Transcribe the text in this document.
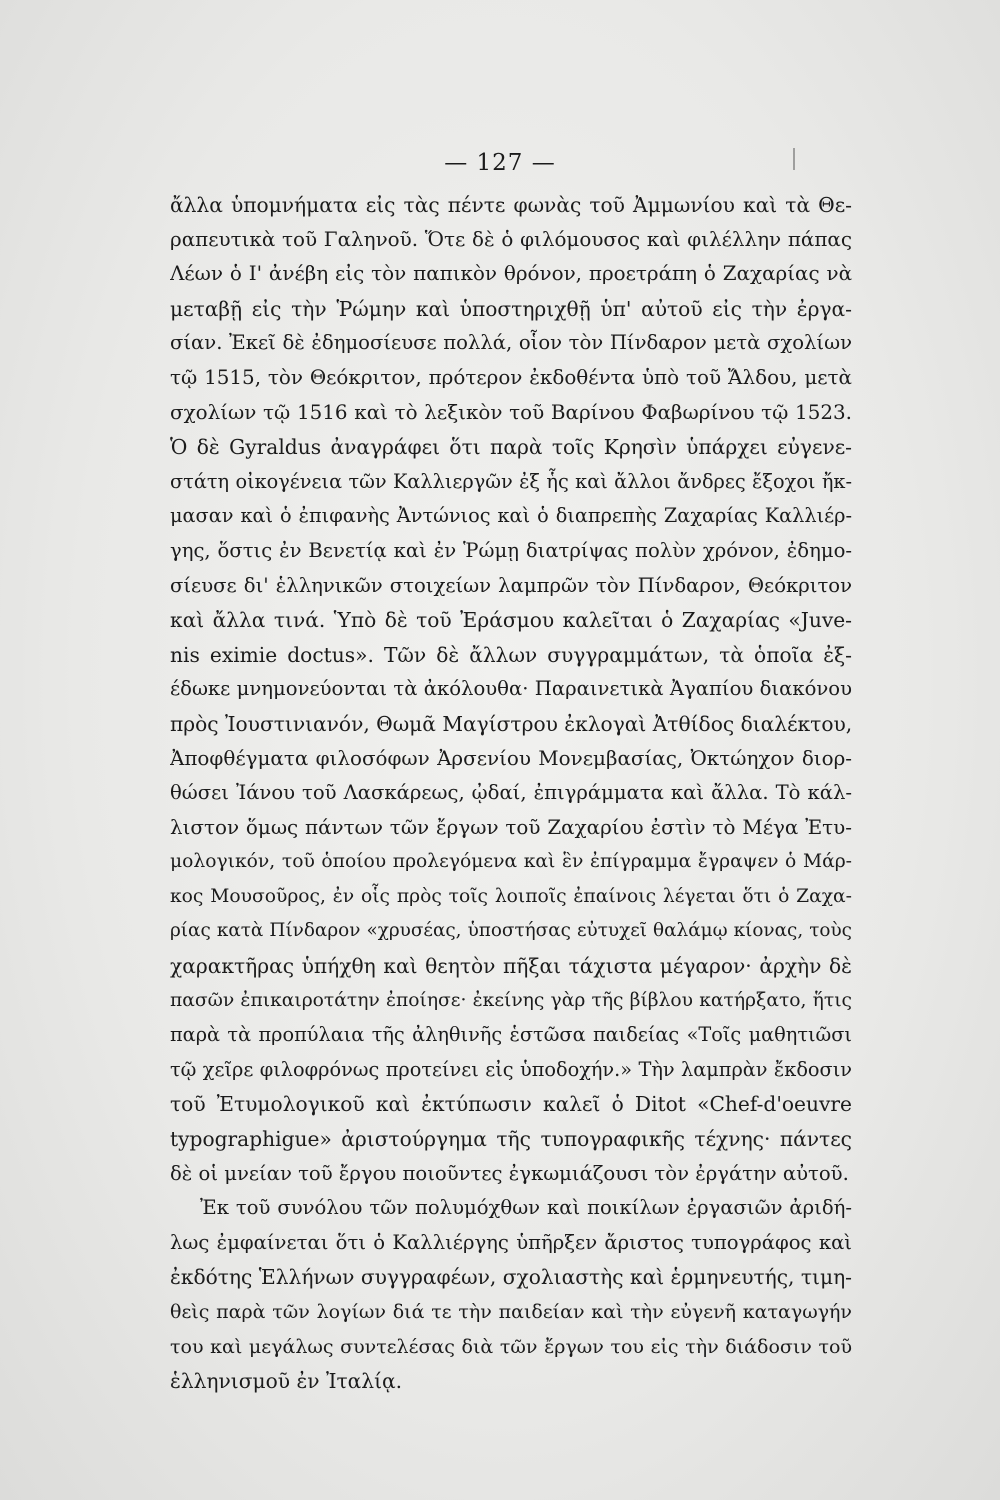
— 127 —
ἄλλα ὑπομνήματα εἰς τὰς πέντε φωνὰς τοῦ Ἀμμωνίου καὶ τὰ Θε-
ραπευτικὰ τοῦ Γαληνοῦ. Ὅτε δὲ ὁ φιλόμουσος καὶ φιλέλλην πάπας
Λέων ὁ Ι' ἀνέβη εἰς τὸν παπικὸν θρόνον, προετράπη ὁ Ζαχαρίας νὰ
μεταβῇ εἰς τὴν Ῥώμην καὶ ὑποστηριχθῇ ὑπ' αὐτοῦ εἰς τὴν ἐργα-
σίαν. Ἐκεῖ δὲ ἐδημοσίευσε πολλά, οἷον τὸν Πίνδαρον μετὰ σχολίων
τῷ 1515, τὸν Θεόκριτον, πρότερον ἐκδοθέντα ὑπὸ τοῦ Ἄλδου, μετὰ
σχολίων τῷ 1516 καὶ τὸ λεξικὸν τοῦ Βαρίνου Φαβωρίνου τῷ 1523.
Ὁ δὲ Gyraldus ἀναγράφει ὅτι παρὰ τοῖς Κρησὶν ὑπάρχει εὐγενε-
στάτη οἰκογένεια τῶν Καλλιεργῶν ἐξ ἧς καὶ ἄλλοι ἄνδρες ἔξοχοι ἤκ-
μασαν καὶ ὁ ἐπιφανὴς Ἀντώνιος καὶ ὁ διαπρεπὴς Ζαχαρίας Καλλιέρ-
γης, ὅστις ἐν Βενετίᾳ καὶ ἐν Ῥώμῃ διατρίψας πολὺν χρόνον, ἐδημο-
σίευσε δι' ἑλληνικῶν στοιχείων λαμπρῶν τὸν Πίνδαρον, Θεόκριτον
καὶ ἄλλα τινά. Ὑπὸ δὲ τοῦ Ἐράσμου καλεῖται ὁ Ζαχαρίας «Juve-
nis eximie doctus». Τῶν δὲ ἄλλων συγγραμμάτων, τὰ ὁποῖα ἐξ-
έδωκε μνημονεύονται τὰ ἀκόλουθα· Παραινετικὰ Ἀγαπίου διακόνου
πρὸς Ἰουστινιανόν, Θωμᾶ Μαγίστρου ἐκλογαὶ Ἀτθίδος διαλέκτου,
Ἀποφθέγματα φιλοσόφων Ἀρσενίου Μονεμβασίας, Ὀκτώηχον διορ-
θώσει Ἰάνου τοῦ Λασκάρεως, ᾠδαί, ἐπιγράμματα καὶ ἄλλα. Τὸ κάλ-
λιστον ὅμως πάντων τῶν ἔργων τοῦ Ζαχαρίου ἐστὶν τὸ Μέγα Ἐτυ-
μολογικόν, τοῦ ὁποίου προλεγόμενα καὶ ἓν ἐπίγραμμα ἔγραψεν ὁ Μάρ-
κος Μουσοῦρος, ἐν οἷς πρὸς τοῖς λοιποῖς ἐπαίνοις λέγεται ὅτι ὁ Ζαχα-
ρίας κατὰ Πίνδαρον «χρυσέας, ὑποστήσας εὐτυχεῖ θαλάμῳ κίονας, τοὺς
χαρακτῆρας ὑπήχθη καὶ θεητὸν πῆξαι τάχιστα μέγαρον· ἀρχὴν δὲ
πασῶν ἐπικαιροτάτην ἐποίησε· ἐκείνης γὰρ τῆς βίβλου κατήρξατο, ἥτις
παρὰ τὰ προπύλαια τῆς ἀληθινῆς ἑστῶσα παιδείας «Τοῖς μαθητιῶσι
τῷ χεῖρε φιλοφρόνως προτείνει εἰς ὑποδοχήν.» Τὴν λαμπρὰν ἔκδοσιν
τοῦ Ἐτυμολογικοῦ καὶ ἐκτύπωσιν καλεῖ ὁ Ditot «Chef-d'oeuvre
typographigue» ἀριστούργημα τῆς τυπογραφικῆς τέχνης· πάντες
δὲ οἱ μνείαν τοῦ ἔργου ποιοῦντες ἐγκωμιάζουσι τὸν ἐργάτην αὐτοῦ.
Ἐκ τοῦ συνόλου τῶν πολυμόχθων καὶ ποικίλων ἐργασιῶν ἀριδή-
λως ἐμφαίνεται ὅτι ὁ Καλλιέργης ὑπῆρξεν ἄριστος τυπογράφος καὶ
ἐκδότης Ἑλλήνων συγγραφέων, σχολιαστὴς καὶ ἑρμηνευτής, τιμη-
θεὶς παρὰ τῶν λογίων διά τε τὴν παιδείαν καὶ τὴν εὐγενῆ καταγωγήν
του καὶ μεγάλως συντελέσας διὰ τῶν ἔργων του εἰς τὴν διάδοσιν τοῦ
ἑλληνισμοῦ ἐν Ἰταλίᾳ.
